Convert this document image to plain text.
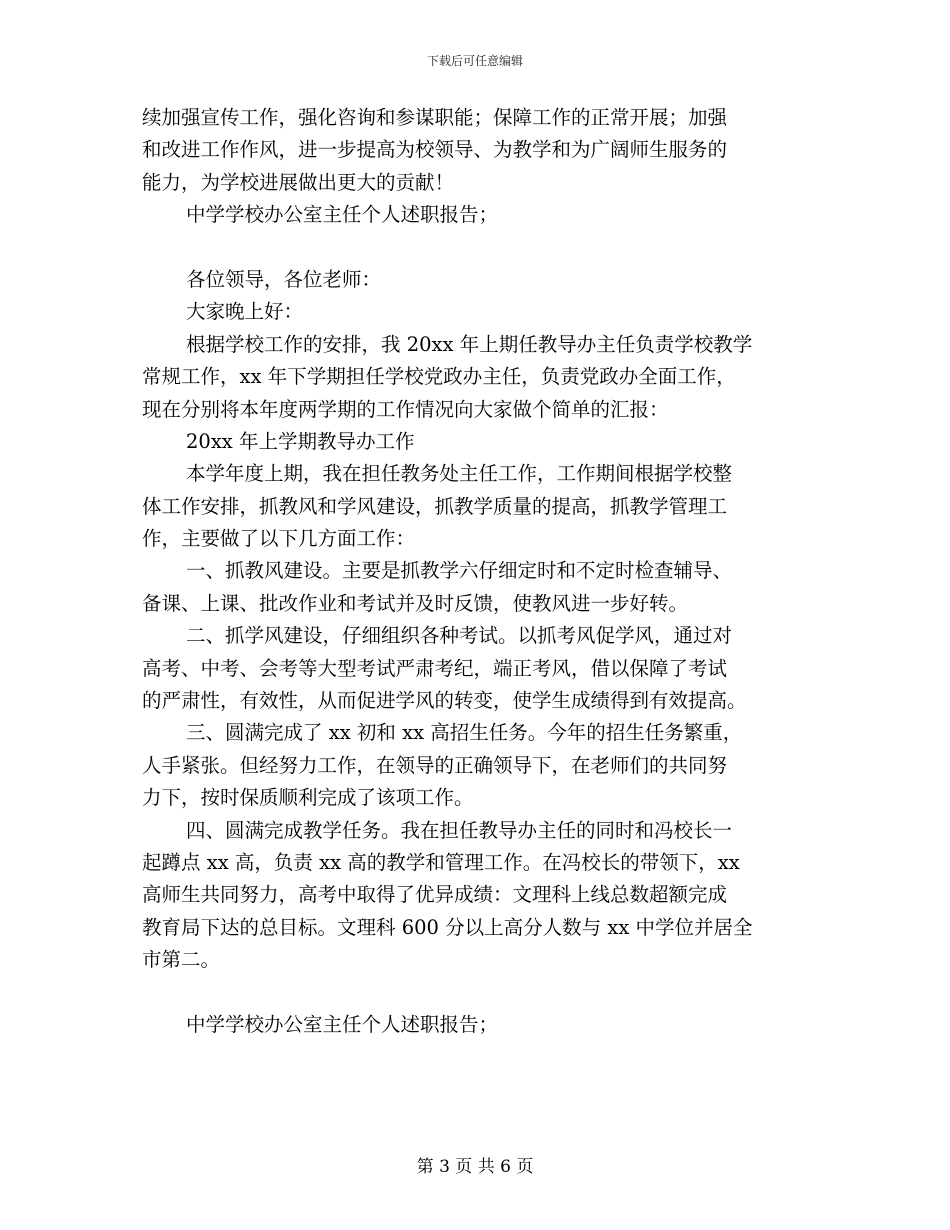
下载后可任意编辑
续加强宣传工作，强化咨询和参谋职能；保障工作的正常开展；加强
和改进工作作风，进一步提高为校领导、为教学和为广阔师生服务的
能力，为学校进展做出更大的贡献！
中学学校办公室主任个人述职报告；
各位领导，各位老师：
大家晚上好：
根据学校工作的安排，我 20xx 年上期任教导办主任负责学校教学
常规工作，xx 年下学期担任学校党政办主任，负责党政办全面工作，
现在分别将本年度两学期的工作情况向大家做个简单的汇报：
20xx 年上学期教导办工作
本学年度上期，我在担任教务处主任工作，工作期间根据学校整
体工作安排，抓教风和学风建设，抓教学质量的提高，抓教学管理工
作，主要做了以下几方面工作：
一、抓教风建设。主要是抓教学六仔细定时和不定时检查辅导、
备课、上课、批改作业和考试并及时反馈，使教风进一步好转。
二、抓学风建设，仔细组织各种考试。以抓考风促学风，通过对
高考、中考、会考等大型考试严肃考纪，端正考风，借以保障了考试
的严肃性，有效性，从而促进学风的转变，使学生成绩得到有效提高。
三、圆满完成了 xx 初和 xx 高招生任务。今年的招生任务繁重，
人手紧张。但经努力工作，在领导的正确领导下，在老师们的共同努
力下，按时保质顺利完成了该项工作。
四、圆满完成教学任务。我在担任教导办主任的同时和冯校长一
起蹲点 xx 高，负责 xx 高的教学和管理工作。在冯校长的带领下，xx
高师生共同努力，高考中取得了优异成绩：文理科上线总数超额完成
教育局下达的总目标。文理科 600 分以上高分人数与 xx 中学位并居全
市第二。
中学学校办公室主任个人述职报告；
第 3 页 共 6 页
